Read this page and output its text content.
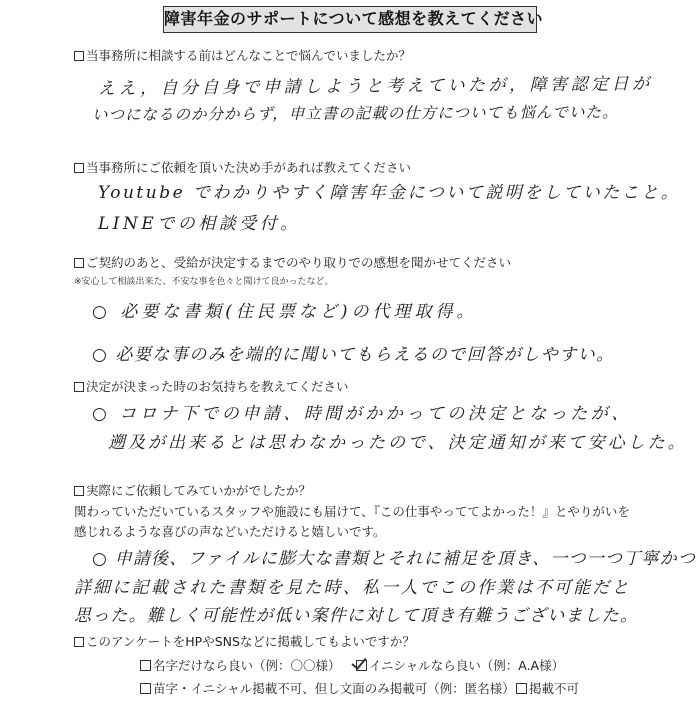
障害年金のサポートについて感想を教えてください
当事務所に相談する前はどんなことで悩んでいましたか？
ええ，自分自身で申請しようと考えていたが，障害認定日が
いつになるのか分からず，申立書の記載の仕方についても悩んでいた。
当事務所にご依頼を頂いた決め手があれば教えてください
Youtube でわかりやすく障害年金について説明をしていたこと。
LINEでの相談受付。
ご契約のあと、受給が決定するまでのやり取りでの感想を聞かせてください
※安心して相談出来た、不安な事を色々と聞けて良かったなど。
○ 必要な書類(住民票など)の代理取得。
○ 必要な事のみを端的に聞いてもらえるので回答がしやすい。
決定が決まった時のお気持ちを教えてください
○ コロナ下での申請、時間がかかっての決定となったが、
遡及が出来るとは思わなかったので、決定通知が来て安心した。
実際にご依頼してみていかがでしたか？
関わっていただいているスタッフや施設にも届けて、『この仕事やっててよかった！』とやりがいを
感じれるような喜びの声などいただけると嬉しいです。
○ 申請後、ファイルに膨大な書類とそれに補足を頂き、一つ一つ丁寧かつ
詳細に記載された書類を見た時、私一人でこの作業は不可能だと
思った。難しく可能性が低い案件に対して頂き有難うございました。
このアンケートをHPやSNSなどに掲載してもよいですか？
名字だけなら良い（例：〇〇様）	イニシャルなら良い（例：A.A様）
苗字・イニシャル掲載不可、但し文面のみ掲載可（例：匿名様）	掲載不可
